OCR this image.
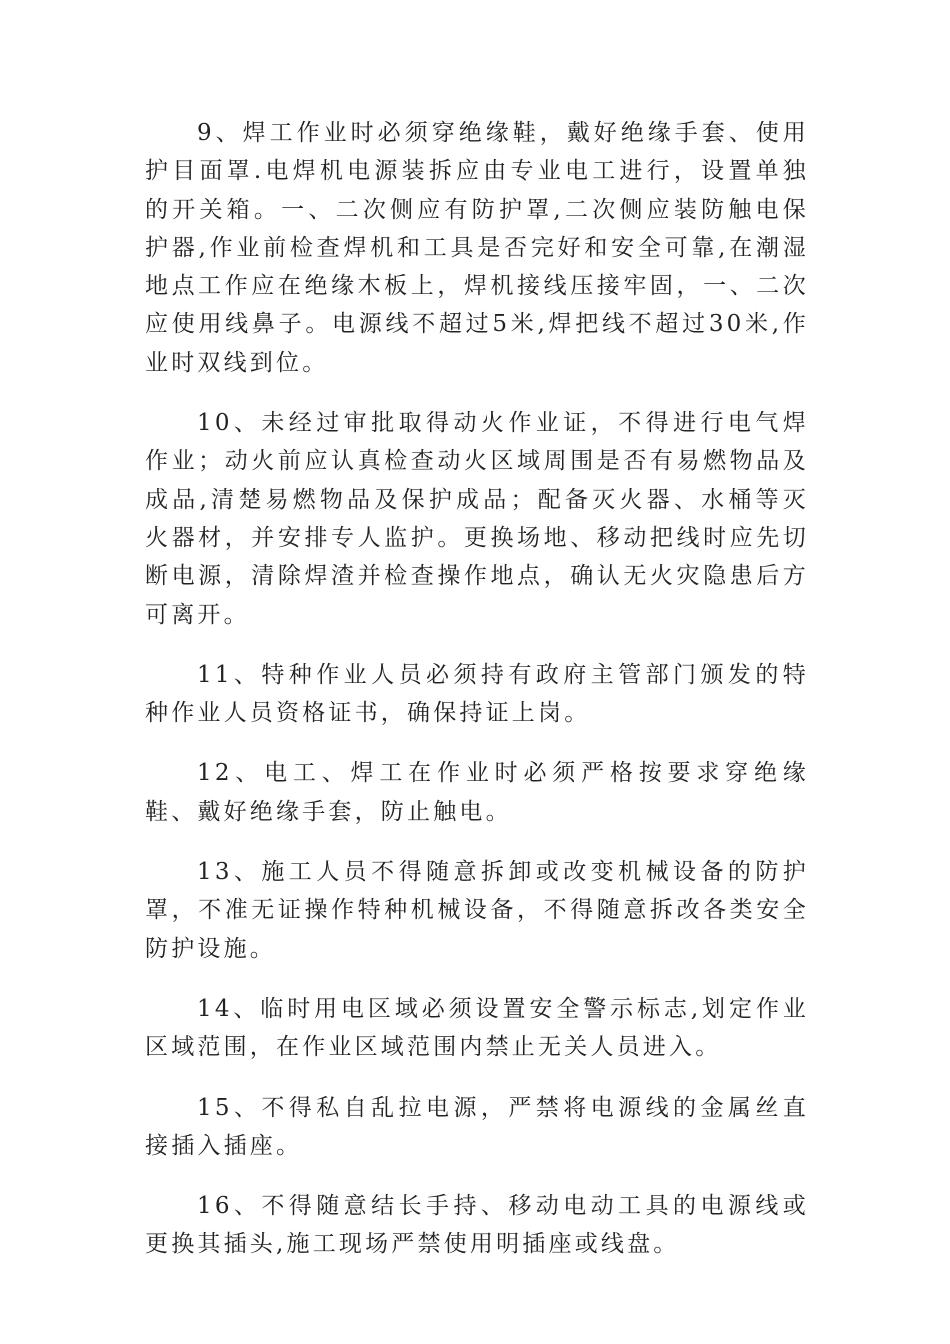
9、焊工作业时必须穿绝缘鞋，戴好绝缘手套、使用护目面罩.电焊机电源装拆应由专业电工进行，设置单独的开关箱。一、二次侧应有防护罩,二次侧应装防触电保护器,作业前检查焊机和工具是否完好和安全可靠,在潮湿地点工作应在绝缘木板上，焊机接线压接牢固，一、二次应使用线鼻子。电源线不超过5米,焊把线不超过30米,作业时双线到位。

10、未经过审批取得动火作业证，不得进行电气焊作业；动火前应认真检查动火区域周围是否有易燃物品及成品,清楚易燃物品及保护成品；配备灭火器、水桶等灭火器材，并安排专人监护。更换场地、移动把线时应先切断电源，清除焊渣并检查操作地点，确认无火灾隐患后方可离开。

11、特种作业人员必须持有政府主管部门颁发的特种作业人员资格证书，确保持证上岗。

12、电工、焊工在作业时必须严格按要求穿绝缘鞋、戴好绝缘手套，防止触电。

13、施工人员不得随意拆卸或改变机械设备的防护罩，不准无证操作特种机械设备，不得随意拆改各类安全防护设施。

14、临时用电区域必须设置安全警示标志,划定作业区域范围，在作业区域范围内禁止无关人员进入。

15、不得私自乱拉电源，严禁将电源线的金属丝直接插入插座。

16、不得随意结长手持、移动电动工具的电源线或更换其插头,施工现场严禁使用明插座或线盘。
